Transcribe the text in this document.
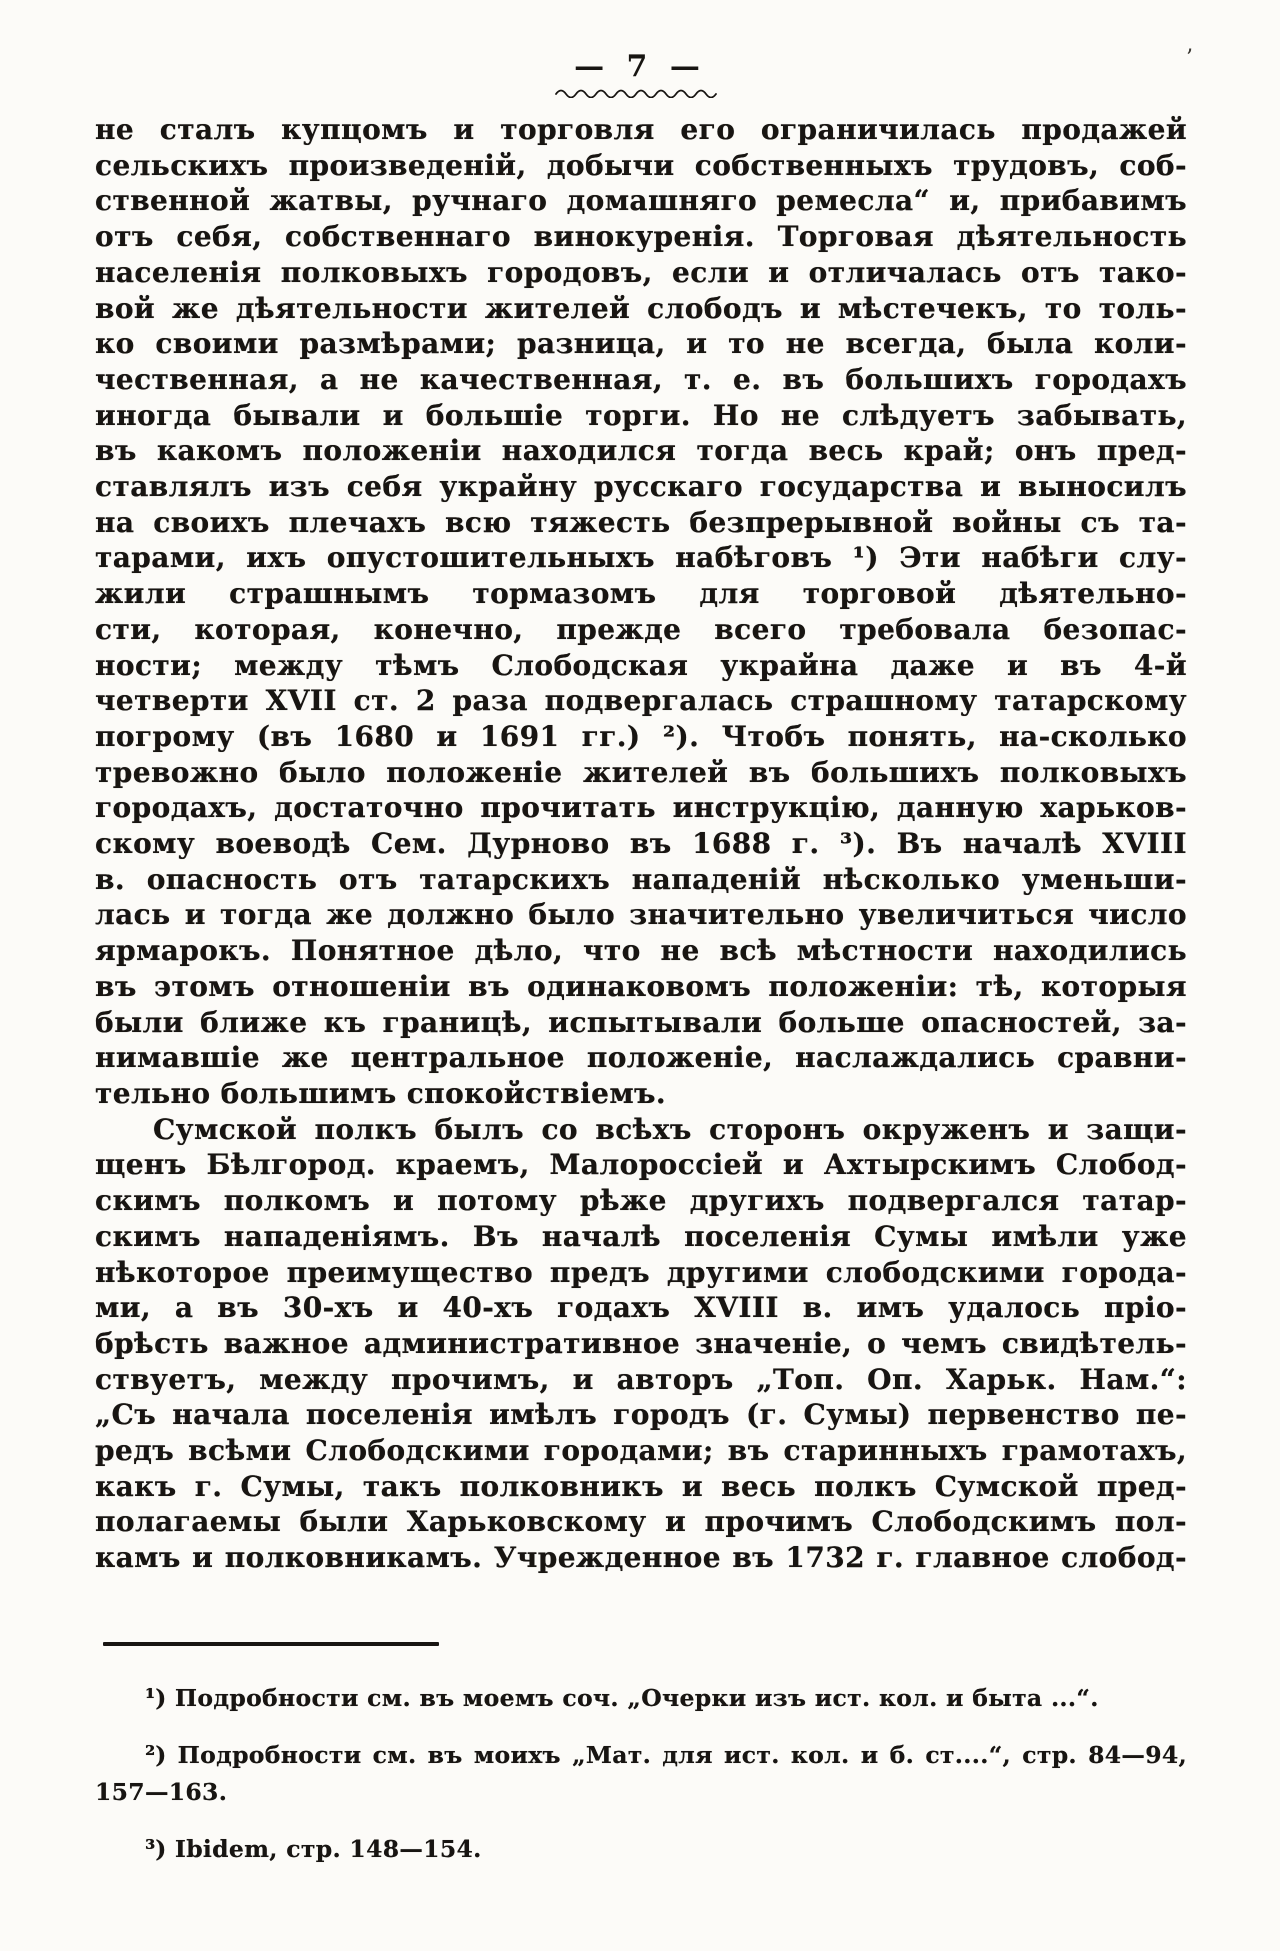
’
— 7 —
не сталъ купцомъ и торговля его ограничилась продажей
сельскихъ произведеній, добычи собственныхъ трудовъ, соб-
ственной жатвы, ручнаго домашняго ремесла“ и, прибавимъ
отъ себя, собственнаго винокуренія. Торговая дѣятельность
населенія полковыхъ городовъ, если и отличалась отъ тако-
вой же дѣятельности жителей слободъ и мѣстечекъ, то толь-
ко своими размѣрами; разница, и то не всегда, была коли-
чественная, а не качественная, т. е. въ большихъ городахъ
иногда бывали и большіе торги. Но не слѣдуетъ забывать,
въ какомъ положеніи находился тогда весь край; онъ пред-
ставлялъ изъ себя украйну русскаго государства и выносилъ
на своихъ плечахъ всю тяжесть безпрерывной войны съ та-
тарами, ихъ опустошительныхъ набѣговъ ¹) Эти набѣги слу-
жили страшнымъ тормазомъ для торговой дѣятельно-
сти, которая, конечно, прежде всего требовала безопас-
ности; между тѣмъ Слободская украйна даже и въ 4-й
четверти XVII ст. 2 раза подвергалась страшному татарскому
погрому (въ 1680 и 1691 гг.) ²). Чтобъ понять, на-сколько
тревожно было положеніе жителей въ большихъ полковыхъ
городахъ, достаточно прочитать инструкцію, данную харьков-
скому воеводѣ Сем. Дурново въ 1688 г. ³). Въ началѣ XVIII
в. опасность отъ татарскихъ нападеній нѣсколько уменьши-
лась и тогда же должно было значительно увеличиться число
ярмарокъ. Понятное дѣло, что не всѣ мѣстности находились
въ этомъ отношеніи въ одинаковомъ положеніи: тѣ, которыя
были ближе къ границѣ, испытывали больше опасностей, за-
нимавшіе же центральное положеніе, наслаждались сравни-
тельно большимъ спокойствіемъ.
Сумской полкъ былъ со всѣхъ сторонъ окруженъ и защи-
щенъ Бѣлгород. краемъ, Малороссіей и Ахтырскимъ Слобод-
скимъ полкомъ и потому рѣже другихъ подвергался татар-
скимъ нападеніямъ. Въ началѣ поселенія Сумы имѣли уже
нѣкоторое преимущество предъ другими слободскими города-
ми, а въ 30-хъ и 40-хъ годахъ XVIII в. имъ удалось пріо-
брѣсть важное административное значеніе, о чемъ свидѣтель-
ствуетъ, между прочимъ, и авторъ „Топ. Оп. Харьк. Нам.“:
„Съ начала поселенія имѣлъ городъ (г. Сумы) первенство пе-
редъ всѣми Слободскими городами; въ старинныхъ грамотахъ,
какъ г. Сумы, такъ полковникъ и весь полкъ Сумской пред-
полагаемы были Харьковскому и прочимъ Слободскимъ пол-
камъ и полковникамъ. Учрежденное въ 1732 г. главное слобод-
¹) Подробности см. въ моемъ соч. „Очерки изъ ист. кол. и быта ...“.
²) Подробности см. въ моихъ „Мат. для ист. кол. и б. ст....“, стр. 84—94,
157—163.
³) Ibidem, стр. 148—154.
